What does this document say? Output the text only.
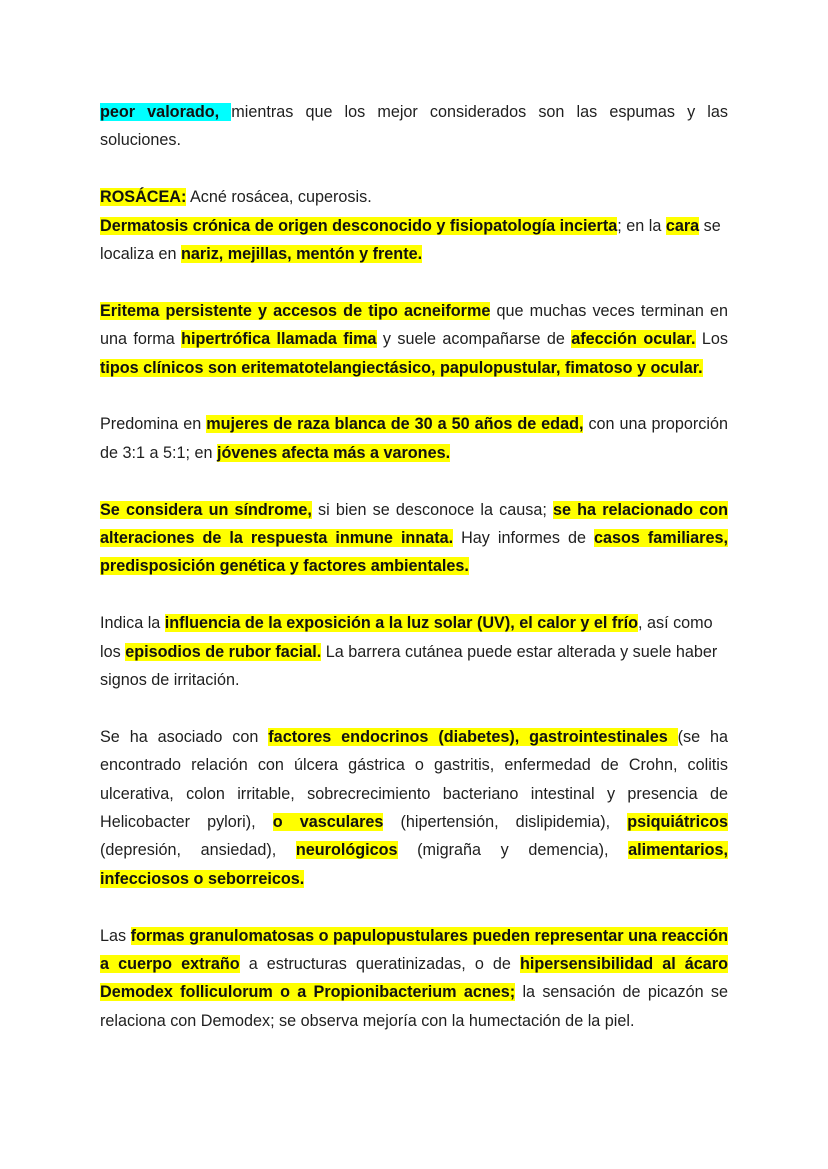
peor valorado, mientras que los mejor considerados son las espumas y las soluciones.

ROSÁCEA: Acné rosácea, cuperosis.
Dermatosis crónica de origen desconocido y fisiopatología incierta; en la cara se localiza en nariz, mejillas, mentón y frente.

Eritema persistente y accesos de tipo acneiforme que muchas veces terminan en una forma hipertrófica llamada fima y suele acompañarse de afección ocular. Los tipos clínicos son eritematotelangiectásico, papulopustular, fimatoso y ocular.

Predomina en mujeres de raza blanca de 30 a 50 años de edad, con una proporción de 3:1 a 5:1; en jóvenes afecta más a varones.

Se considera un síndrome, si bien se desconoce la causa; se ha relacionado con alteraciones de la respuesta inmune innata. Hay informes de casos familiares, predisposición genética y factores ambientales.

Indica la influencia de la exposición a la luz solar (UV), el calor y el frío, así como los episodios de rubor facial. La barrera cutánea puede estar alterada y suele haber signos de irritación.

Se ha asociado con factores endocrinos (diabetes), gastrointestinales (se ha encontrado relación con úlcera gástrica o gastritis, enfermedad de Crohn, colitis ulcerativa, colon irritable, sobrecrecimiento bacteriano intestinal y presencia de Helicobacter pylori), o vasculares (hipertensión, dislipidemia), psiquiátricos (depresión, ansiedad), neurológicos (migraña y demencia), alimentarios, infecciosos o seborreicos.

Las formas granulomatosas o papulopustulares pueden representar una reacción a cuerpo extraño a estructuras queratinizadas, o de hipersensibilidad al ácaro Demodex folliculorum o a Propionibacterium acnes; la sensación de picazón se relaciona con Demodex; se observa mejoría con la humectación de la piel.
